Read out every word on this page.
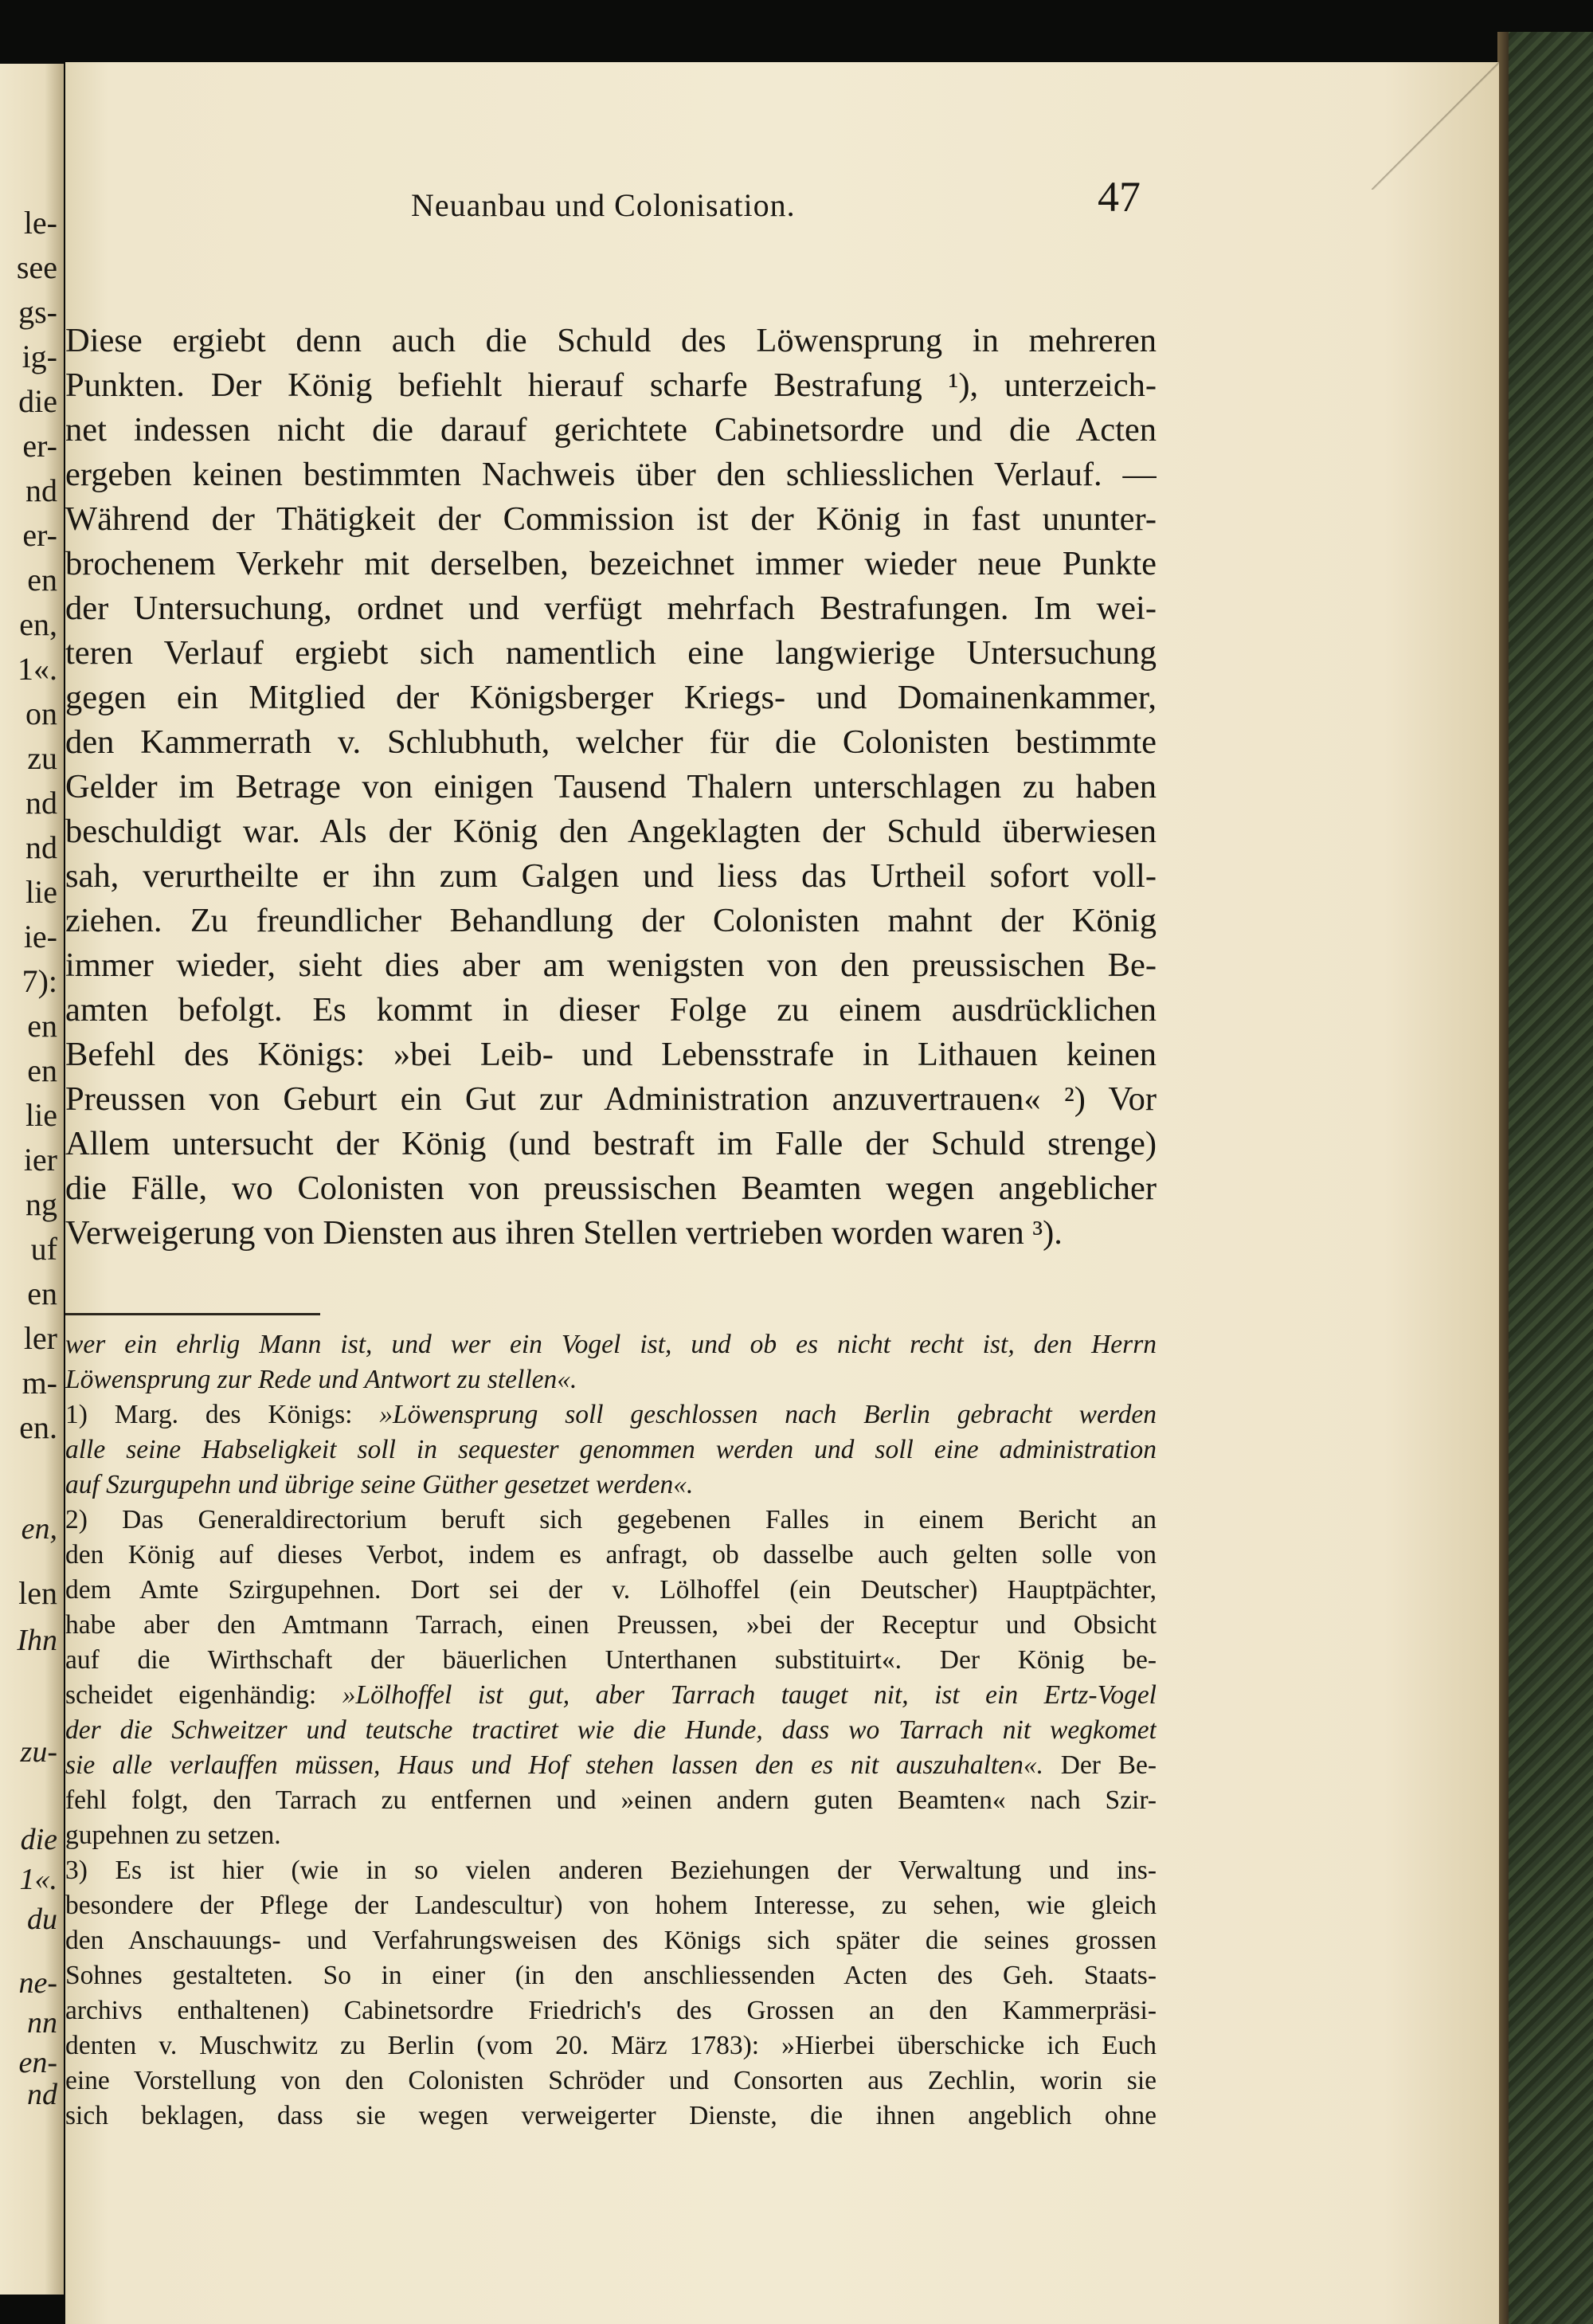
le-
see
gs-
ig-
die
er-
nd
er-
en
en,
1«.
on
zu
nd
nd
lie
ie-
7):
en
en
lie
ier
ng
uf
en
ler
m-
en.
en,
len
Ihn
zu-
die
1«.
du
ne-
nn
en-
nd
Neuanbau und Colonisation.	47
Diese ergiebt denn auch die Schuld des Löwensprung in mehreren
Punkten. Der König befiehlt hierauf scharfe Bestrafung ¹), unterzeich-
net indessen nicht die darauf gerichtete Cabinetsordre und die Acten
ergeben keinen bestimmten Nachweis über den schliesslichen Verlauf. —
Während der Thätigkeit der Commission ist der König in fast ununter-
brochenem Verkehr mit derselben, bezeichnet immer wieder neue Punkte
der Untersuchung, ordnet und verfügt mehrfach Bestrafungen. Im wei-
teren Verlauf ergiebt sich namentlich eine langwierige Untersuchung
gegen ein Mitglied der Königsberger Kriegs- und Domainenkammer,
den Kammerrath v. Schlubhuth, welcher für die Colonisten bestimmte
Gelder im Betrage von einigen Tausend Thalern unterschlagen zu haben
beschuldigt war. Als der König den Angeklagten der Schuld überwiesen
sah, verurtheilte er ihn zum Galgen und liess das Urtheil sofort voll-
ziehen. Zu freundlicher Behandlung der Colonisten mahnt der König
immer wieder, sieht dies aber am wenigsten von den preussischen Be-
amten befolgt. Es kommt in dieser Folge zu einem ausdrücklichen
Befehl des Königs: »bei Leib- und Lebensstrafe in Lithauen keinen
Preussen von Geburt ein Gut zur Administration anzuvertrauen« ²) Vor
Allem untersucht der König (und bestraft im Falle der Schuld strenge)
die Fälle, wo Colonisten von preussischen Beamten wegen angeblicher
Verweigerung von Diensten aus ihren Stellen vertrieben worden waren ³).
wer ein ehrlig Mann ist, und wer ein Vogel ist, und ob es nicht recht ist, den Herrn
Löwensprung zur Rede und Antwort zu stellen«.
1) Marg. des Königs: »Löwensprung soll geschlossen nach Berlin gebracht werden
alle seine Habseligkeit soll in sequester genommen werden und soll eine administration
auf Szurgupehn und übrige seine Güther gesetzet werden«.
2) Das Generaldirectorium beruft sich gegebenen Falles in einem Bericht an
den König auf dieses Verbot, indem es anfragt, ob dasselbe auch gelten solle von
dem Amte Szirgupehnen. Dort sei der v. Lölhoffel (ein Deutscher) Hauptpächter,
habe aber den Amtmann Tarrach, einen Preussen, »bei der Receptur und Obsicht
auf die Wirthschaft der bäuerlichen Unterthanen substituirt«. Der König be-
scheidet eigenhändig: »Lölhoffel ist gut, aber Tarrach tauget nit, ist ein Ertz-Vogel
der die Schweitzer und teutsche tractiret wie die Hunde, dass wo Tarrach nit wegkomet
sie alle verlauffen müssen, Haus und Hof stehen lassen den es nit auszuhalten«. Der Be-
fehl folgt, den Tarrach zu entfernen und »einen andern guten Beamten« nach Szir-
gupehnen zu setzen.
3) Es ist hier (wie in so vielen anderen Beziehungen der Verwaltung und ins-
besondere der Pflege der Landescultur) von hohem Interesse, zu sehen, wie gleich
den Anschauungs- und Verfahrungsweisen des Königs sich später die seines grossen
Sohnes gestalteten. So in einer (in den anschliessenden Acten des Geh. Staats-
archivs enthaltenen) Cabinetsordre Friedrich's des Grossen an den Kammerpräsi-
denten v. Muschwitz zu Berlin (vom 20. März 1783): »Hierbei überschicke ich Euch
eine Vorstellung von den Colonisten Schröder und Consorten aus Zechlin, worin sie
sich beklagen, dass sie wegen verweigerter Dienste, die ihnen angeblich ohne
